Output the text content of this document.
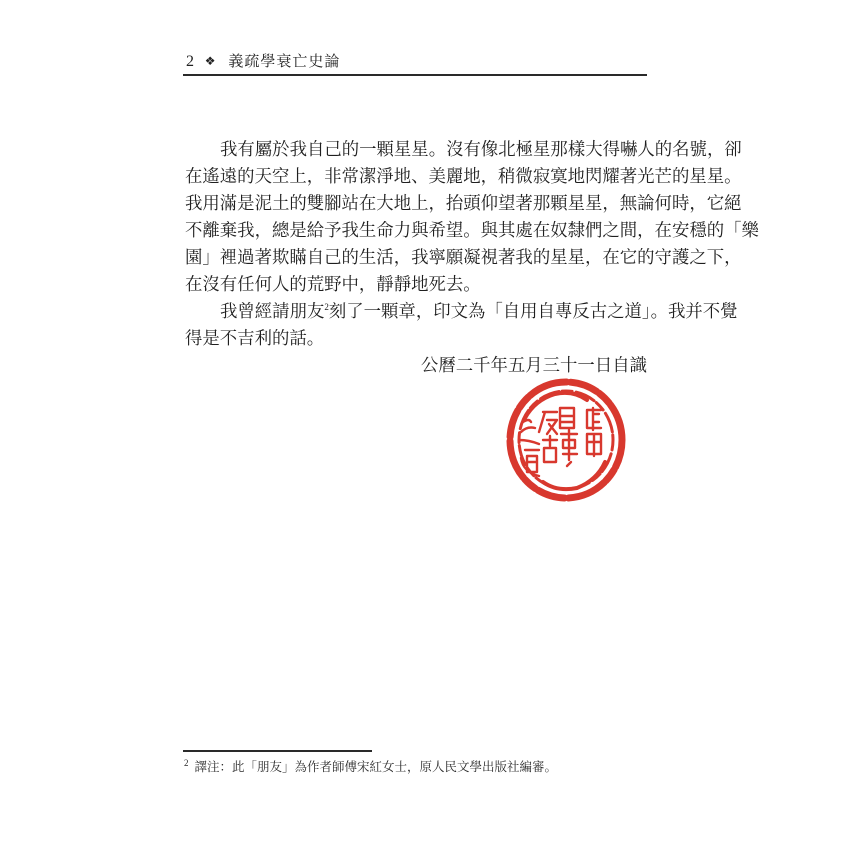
2 ❖ 義疏學衰亡史論
我有屬於我自己的一顆星星。沒有像北極星那樣大得嚇人的名號，卻
在遙遠的天空上，非常潔淨地、美麗地，稍微寂寞地閃耀著光芒的星星。
我用滿是泥土的雙腳站在大地上，抬頭仰望著那顆星星，無論何時，它絕
不離棄我，總是給予我生命力與希望。與其處在奴隸們之間，在安穩的「樂
園」裡過著欺瞞自己的生活，我寧願凝視著我的星星，在它的守護之下，
在沒有任何人的荒野中，靜靜地死去。
我曾經請朋友$^2$刻了一顆章，印文為「自用自專反古之道」。我并不覺
得是不吉利的話。
公曆二千年五月三十一日自識
$^2$ 譯注：此「朋友」為作者師傅宋紅女士，原人民文學出版社編審。
